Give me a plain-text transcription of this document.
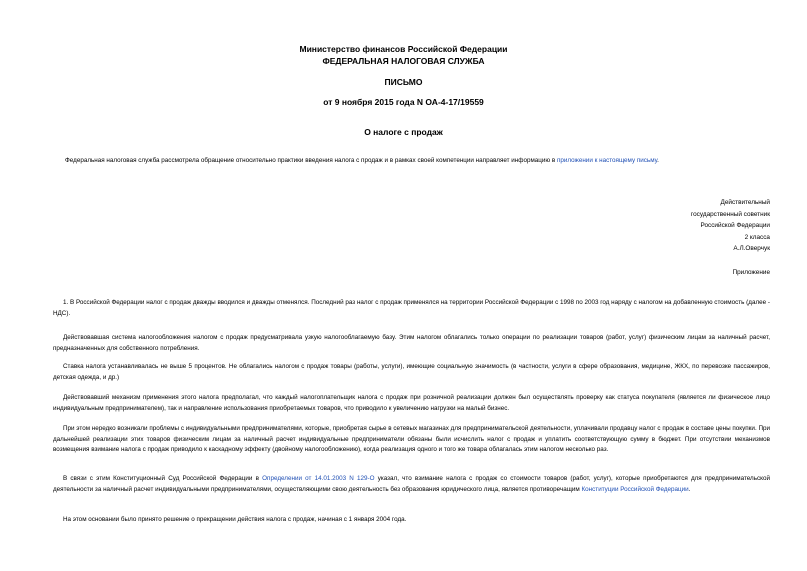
Министерство финансов Российской Федерации
ФЕДЕРАЛЬНАЯ НАЛОГОВАЯ СЛУЖБА
ПИСЬМО
от 9 ноября 2015 года N ОА-4-17/19559
О налоге с продаж
Федеральная налоговая служба рассмотрела обращение относительно практики введения налога с продаж и в рамках своей компетенции направляет информацию в приложении к настоящему письму.
Действительный
государственный советник
Российской Федерации
2 класса
А.Л.Оверчук
Приложение
1. В Российской Федерации налог с продаж дважды вводился и дважды отменялся. Последний раз налог с продаж применялся на территории Российской Федерации с 1998 по 2003 год наряду с налогом на добавленную стоимость (далее - НДС).
Действовавшая система налогообложения налогом с продаж предусматривала узкую налогооблагаемую базу. Этим налогом облагались только операции по реализации товаров (работ, услуг) физическим лицам за наличный расчет, предназначенных для собственного потребления.
Ставка налога устанавливалась не выше 5 процентов. Не облагались налогом с продаж товары (работы, услуги), имеющие социальную значимость (в частности, услуги в сфере образования, медицине, ЖКХ, по перевозке пассажиров, детская одежда, и др.)
Действовавший механизм применения этого налога предполагал, что каждый налогоплательщик налога с продаж при розничной реализации должен был осуществлять проверку как статуса покупателя (является ли физическое лицо индивидуальным предпринимателем), так и направление использования приобретаемых товаров, что приводило к увеличению нагрузки на малый бизнес.
При этом нередко возникали проблемы с индивидуальными предпринимателями, которые, приобретая сырье в сетевых магазинах для предпринимательской деятельности, уплачивали продавцу налог с продаж в составе цены покупки. При дальнейшей реализации этих товаров физическим лицам за наличный расчет индивидуальные предприниматели обязаны были исчислить налог с продаж и уплатить соответствующую сумму в бюджет. При отсутствии механизмов возмещения взимание налога с продаж приводило к каскадному эффекту (двойному налогообложению), когда реализация одного и того же товара облагалась этим налогом несколько раз.
В связи с этим Конституционный Суд Российской Федерации в Определении от 14.01.2003 N 129-О указал, что взимание налога с продаж со стоимости товаров (работ, услуг), которые приобретаются для предпринимательской деятельности за наличный расчет индивидуальными предпринимателями, осуществляющими свою деятельность без образования юридического лица, является противоречащим Конституции Российской Федерации.
На этом основании было принято решение о прекращении действия налога с продаж, начиная с 1 января 2004 года.
